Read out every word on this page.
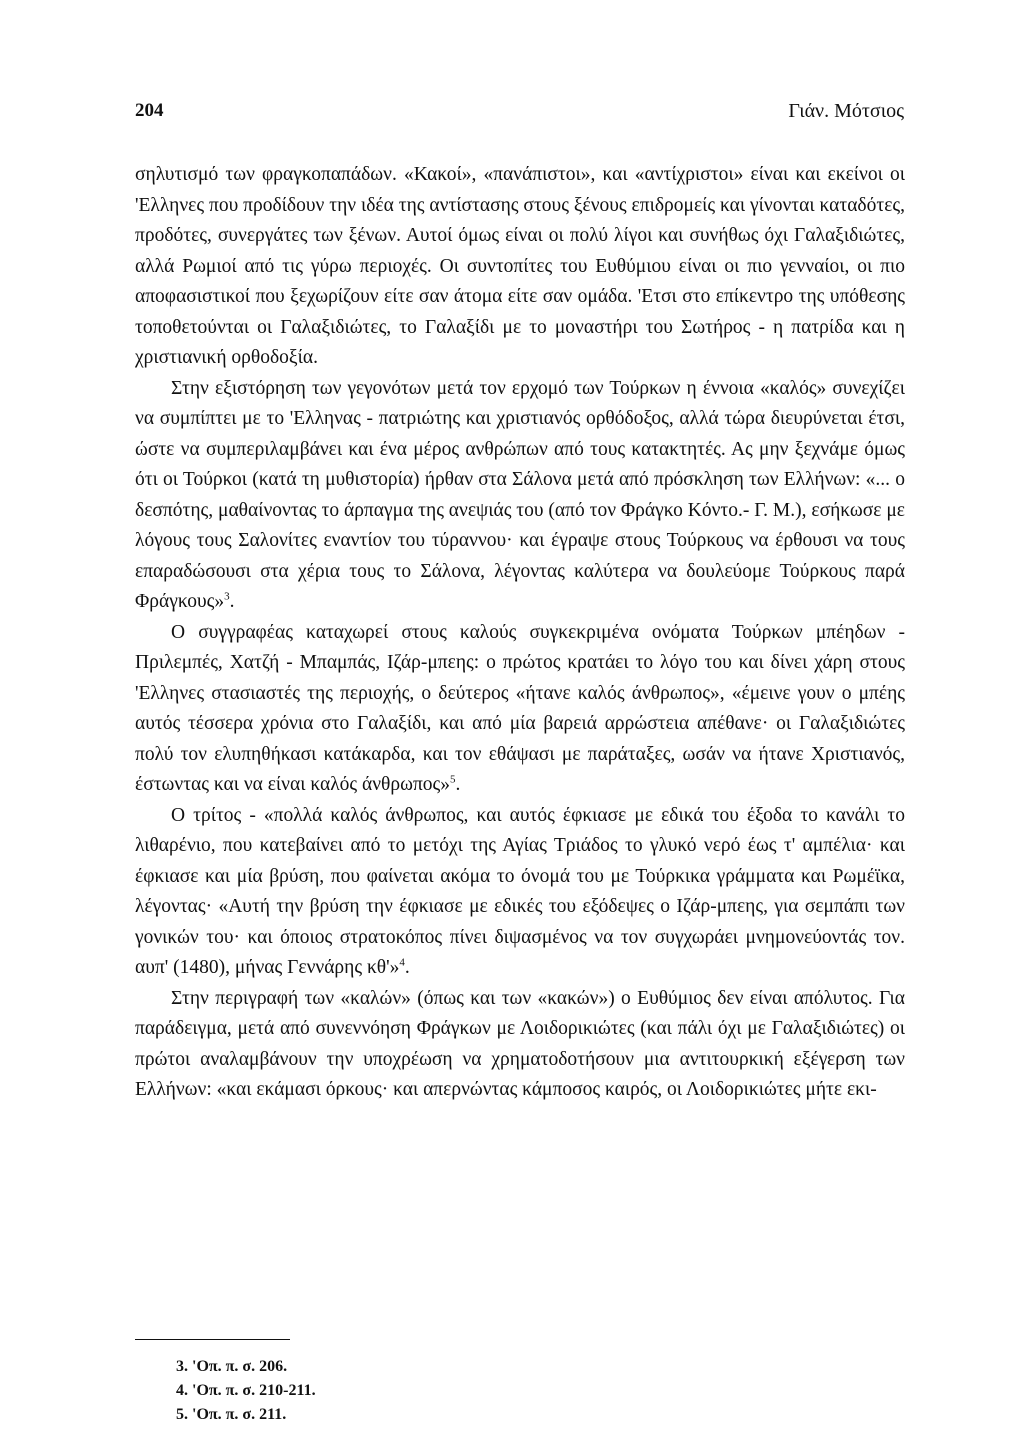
204	Γιάν. Μότσιος

σηλυτισμό των φραγκοπαπάδων. «Κακοί», «πανάπιστοι», και «αντίχριστοι» είναι και εκείνοι οι 'Ελληνες που προδίδουν την ιδέα της αντίστασης στους ξένους επιδρομείς και γίνονται καταδότες, προδότες, συνεργάτες των ξένων. Αυτοί όμως είναι οι πολύ λίγοι και συνήθως όχι Γαλαξιδιώτες, αλλά Ρωμιοί από τις γύρω περιοχές. Οι συντοπίτες του Ευθύμιου είναι οι πιο γενναίοι, οι πιο αποφασιστικοί που ξεχωρίζουν είτε σαν άτομα είτε σαν ομάδα. 'Ετσι στο επίκεντρο της υπόθεσης τοποθετούνται οι Γαλαξιδιώτες, το Γαλαξίδι με το μοναστήρι του Σωτήρος - η πατρίδα και η χριστιανική ορθοδοξία.

Στην εξιστόρηση των γεγονότων μετά τον ερχομό των Τούρκων η έννοια «καλός» συνεχίζει να συμπίπτει με το 'Ελληνας - πατριώτης και χριστιανός ορθόδοξος, αλλά τώρα διευρύνεται έτσι, ώστε να συμπεριλαμβάνει και ένα μέρος ανθρώπων από τους κατακτητές. Ας μην ξεχνάμε όμως ότι οι Τούρκοι (κατά τη μυθιστορία) ήρθαν στα Σάλονα μετά από πρόσκληση των Ελλήνων: «... ο δεσπότης, μαθαίνοντας το άρπαγμα της ανεψιάς του (από τον Φράγκο Κόντο.- Γ. Μ.), εσήκωσε με λόγους τους Σαλονίτες εναντίον του τύραννου· και έγραψε στους Τούρκους να έρθουσι να τους επαραδώσουσι στα χέρια τους το Σάλονα, λέγοντας καλύτερα να δουλεύομε Τούρκους παρά Φράγκους»$^3$.

Ο συγγραφέας καταχωρεί στους καλούς συγκεκριμένα ονόματα Τούρκων μπέηδων - Πριλεμπές, Χατζή - Μπαμπάς, Ιζάρ-μπεης: ο πρώτος κρατάει το λόγο του και δίνει χάρη στους 'Ελληνες στασιαστές της περιοχής, ο δεύτερος «ήτανε καλός άνθρωπος», «έμεινε γουν ο μπέης αυτός τέσσερα χρόνια στο Γαλαξίδι, και από μία βαρειά αρρώστεια απέθανε· οι Γαλαξιδιώτες πολύ τον ελυπηθήκασι κατάκαρδα, και τον εθάψασι με παράταξες, ωσάν να ήτανε Χριστιανός, έστωντας και να είναι καλός άνθρωπος»$^5$.

Ο τρίτος - «πολλά καλός άνθρωπος, και αυτός έφκιασε με εδικά του έξοδα το κανάλι το λιθαρένιο, που κατεβαίνει από το μετόχι της Αγίας Τριάδος το γλυκό νερό έως τ' αμπέλια· και έφκιασε και μία βρύση, που φαίνεται ακόμα το όνομά του με Τούρκικα γράμματα και Ρωμέϊκα, λέγοντας· «Αυτή την βρύση την έφκιασε με εδικές του εξόδεψες ο Ιζάρ-μπεης, για σεμπάπι των γονικών του· και όποιος στρατοκόπος πίνει διψασμένος να τον συγχωράει μνημονεύοντάς τον. αυπ' (1480), μήνας Γεννάρης κθ'»$^4$.

Στην περιγραφή των «καλών» (όπως και των «κακών») ο Ευθύμιος δεν είναι απόλυτος. Για παράδειγμα, μετά από συνεννόηση Φράγκων με Λοιδορικιώτες (και πάλι όχι με Γαλαξιδιώτες) οι πρώτοι αναλαμβάνουν την υποχρέωση να χρηματοδοτήσουν μια αντιτουρκική εξέγερση των Ελλήνων: «και εκάμασι όρκους· και απερνώντας κάμποσος καιρός, οι Λοιδορικιώτες μήτε εκι-

3. 'Οπ. π. σ. 206.
4. 'Οπ. π. σ. 210-211.
5. 'Οπ. π. σ. 211.
